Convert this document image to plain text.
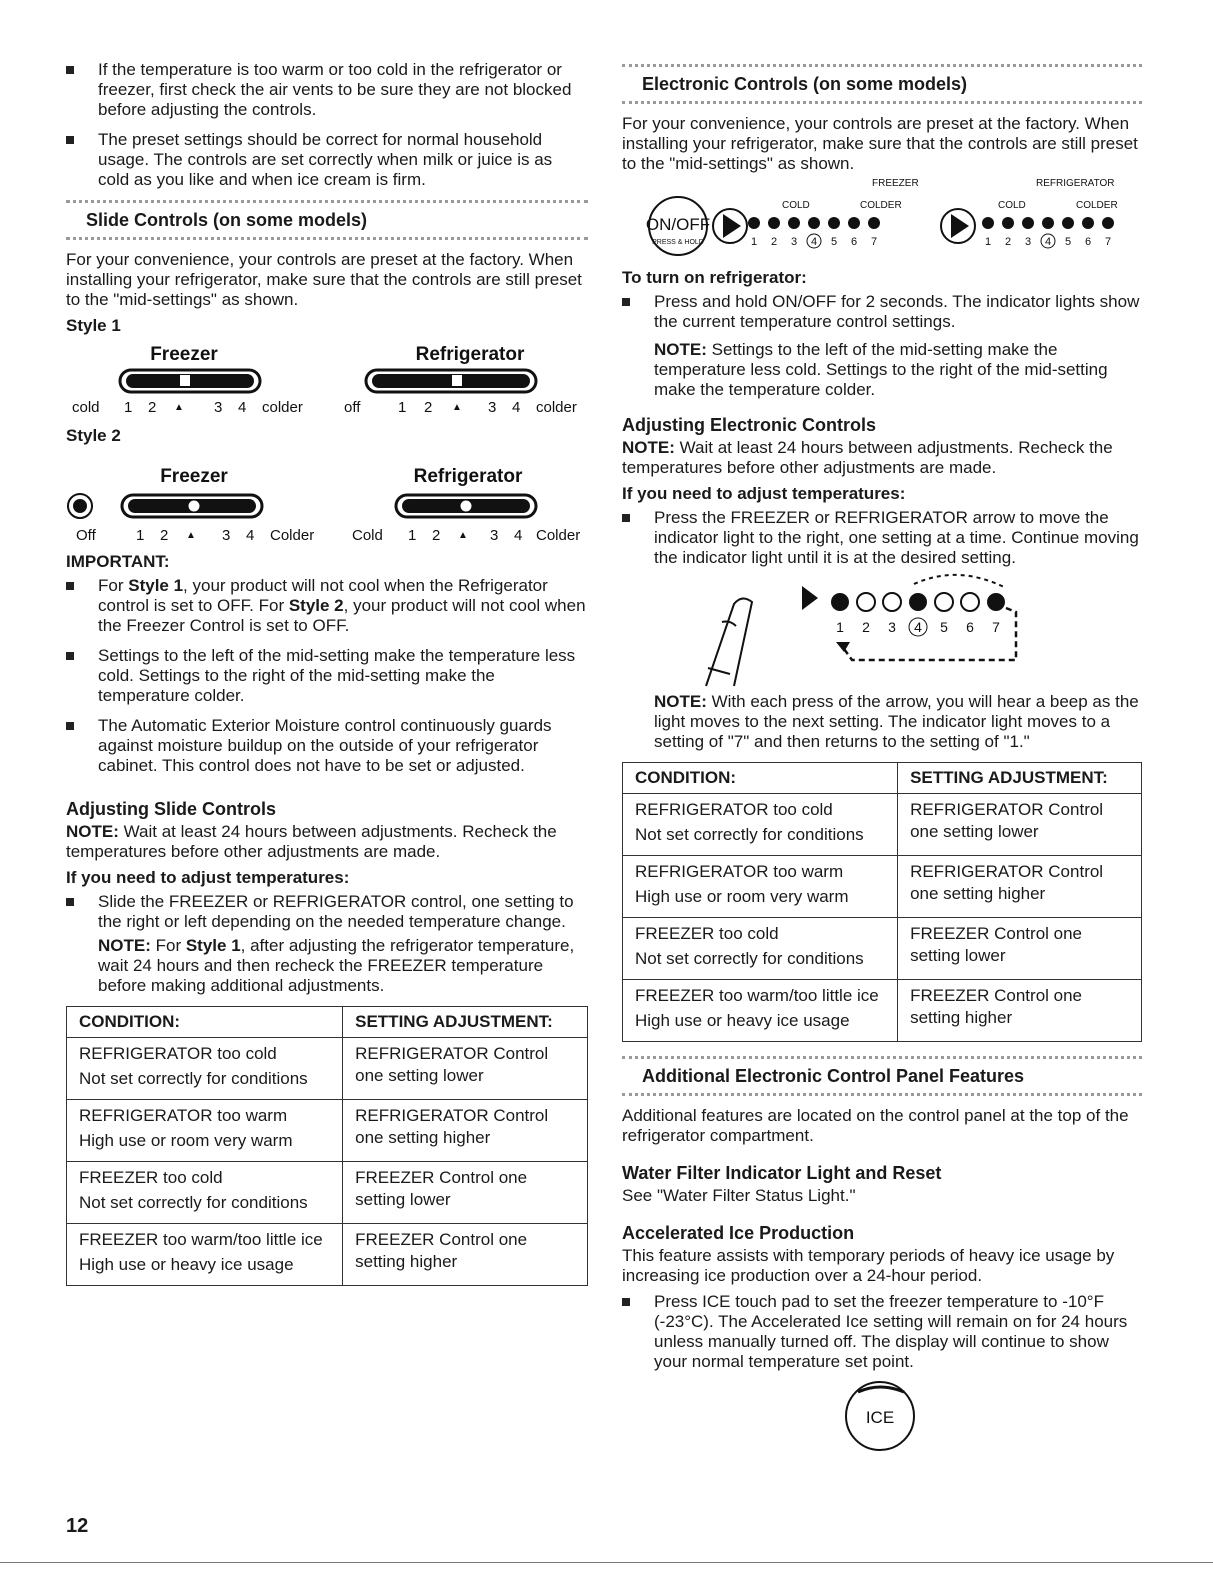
If the temperature is too warm or too cold in the refrigerator or freezer, first check the air vents to be sure they are not blocked before adjusting the controls.

The preset settings should be correct for normal household usage. The controls are set correctly when milk or juice is as cold as you like and when ice cream is firm.

Slide Controls (on some models)

For your convenience, your controls are preset at the factory. When installing your refrigerator, make sure that the controls are still preset to the "mid-settings" as shown.

Style 1
Freezer	Refrigerator
cold 1 2 ▲ 3 4 colder	off	1 2 ▲ 3 4 colder
Style 2
Freezer	Refrigerator
Off	1 2 ▲ 3 4 Colder	Cold 1 2 ▲ 3 4 Colder
IMPORTANT:

For Style 1, your product will not cool when the Refrigerator control is set to OFF. For Style 2, your product will not cool when the Freezer Control is set to OFF.

Settings to the left of the mid-setting make the temperature less cold. Settings to the right of the mid-setting make the temperature colder.

The Automatic Exterior Moisture control continuously guards against moisture buildup on the outside of your refrigerator cabinet. This control does not have to be set or adjusted.

Adjusting Slide Controls

NOTE: Wait at least 24 hours between adjustments. Recheck the temperatures before other adjustments are made.

If you need to adjust temperatures:

Slide the FREEZER or REFRIGERATOR control, one setting to the right or left depending on the needed temperature change.

NOTE: For Style 1, after adjusting the refrigerator temperature, wait 24 hours and then recheck the FREEZER temperature before making additional adjustments.

CONDITION:	SETTING ADJUSTMENT:

REFRIGERATOR too cold
Not set correctly for conditions	REFRIGERATOR Control one setting lower

REFRIGERATOR too warm
High use or room very warm	REFRIGERATOR Control one setting higher

FREEZER too cold
Not set correctly for conditions	FREEZER Control one setting lower

FREEZER too warm/too little ice
High use or heavy ice usage	FREEZER Control one setting higher
Electronic Controls (on some models)

For your convenience, your controls are preset at the factory. When installing your refrigerator, make sure that the controls are still preset to the "mid-settings" as shown.

FREEZER	REFRIGERATOR
ON/OFF
PRESS & HOLD
COLD	COLDER
1 2 3 4 5 6 7
COLD	COLDER
1 2 3 4 5 6 7
To turn on refrigerator:

Press and hold ON/OFF for 2 seconds. The indicator lights show the current temperature control settings.

NOTE: Settings to the left of the mid-setting make the temperature less cold. Settings to the right of the mid-setting make the temperature colder.

Adjusting Electronic Controls

NOTE: Wait at least 24 hours between adjustments. Recheck the temperatures before other adjustments are made.

If you need to adjust temperatures:

Press the FREEZER or REFRIGERATOR arrow to move the indicator light to the right, one setting at a time. Continue moving the indicator light until it is at the desired setting.

1 2 3 4 5 6 7

NOTE: With each press of the arrow, you will hear a beep as the light moves to the next setting. The indicator light moves to a setting of "7" and then returns to the setting of "1."

CONDITION:	SETTING ADJUSTMENT:

REFRIGERATOR too cold
Not set correctly for conditions	REFRIGERATOR Control one setting lower

REFRIGERATOR too warm
High use or room very warm	REFRIGERATOR Control one setting higher

FREEZER too cold
Not set correctly for conditions	FREEZER Control one setting lower

FREEZER too warm/too little ice
High use or heavy ice usage	FREEZER Control one setting higher
Additional Electronic Control Panel Features

Additional features are located on the control panel at the top of the refrigerator compartment.

Water Filter Indicator Light and Reset

See "Water Filter Status Light."

Accelerated Ice Production

This feature assists with temporary periods of heavy ice usage by increasing ice production over a 24-hour period.

Press ICE touch pad to set the freezer temperature to -10°F (-23°C). The Accelerated Ice setting will remain on for 24 hours unless manually turned off. The display will continue to show your normal temperature set point.

ICE
12
